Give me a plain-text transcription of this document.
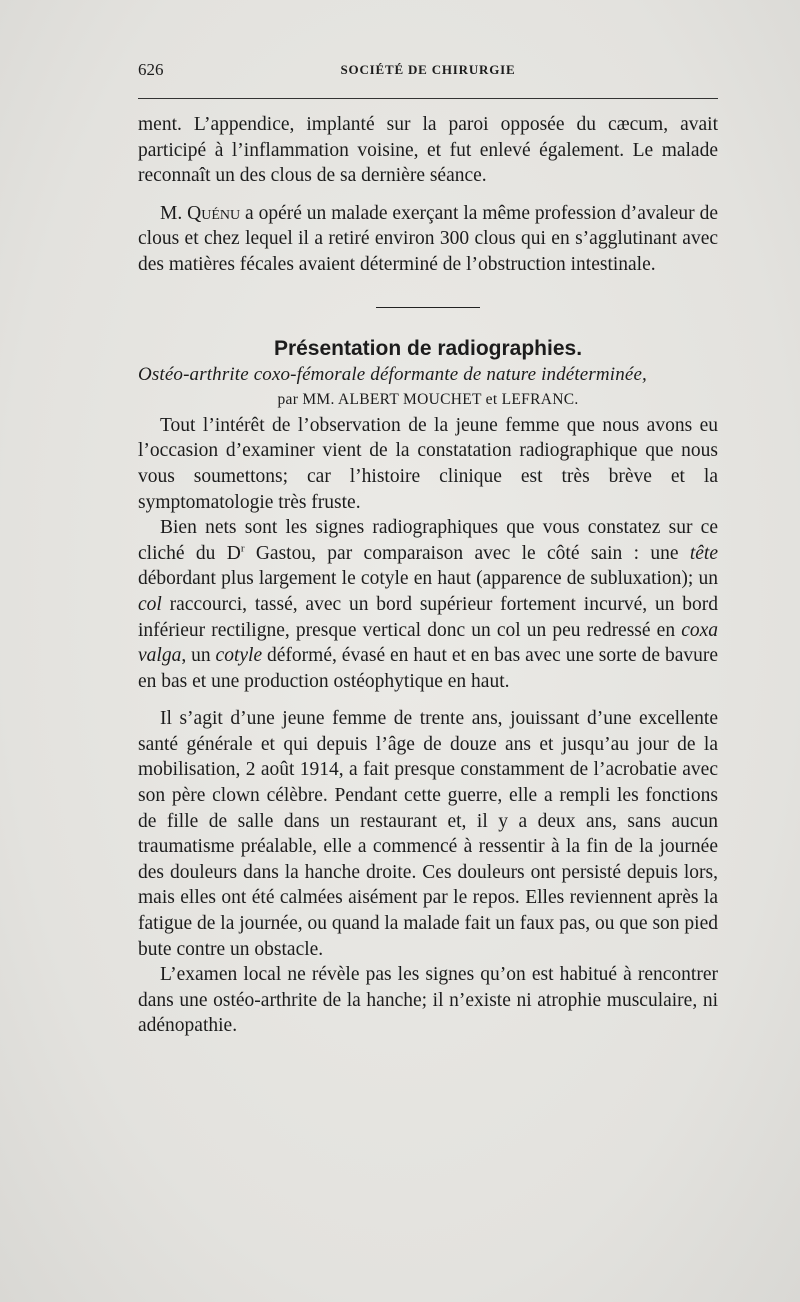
626	SOCIÉTÉ DE CHIRURGIE

ment. L’appendice, implanté sur la paroi opposée du cæcum, avait participé à l’inflammation voisine, et fut enlevé également. Le malade reconnaît un des clous de sa dernière séance.

M. Quénu a opéré un malade exerçant la même profession d’avaleur de clous et chez lequel il a retiré environ 300 clous qui en s’agglutinant avec des matières fécales avaient déterminé de l’obstruction intestinale.

Présentation de radiographies.

Ostéo-arthrite coxo-fémorale déformante de nature indéterminée,

par MM. ALBERT MOUCHET et LEFRANC.

Tout l’intérêt de l’observation de la jeune femme que nous avons eu l’occasion d’examiner vient de la constatation radiographique que nous vous soumettons; car l’histoire clinique est très brève et la symptomatologie très fruste.

Bien nets sont les signes radiographiques que vous constatez sur ce cliché du $D^r$ Gastou, par comparaison avec le côté sain : une tête débordant plus largement le cotyle en haut (apparence de subluxation); un col raccourci, tassé, avec un bord supérieur fortement incurvé, un bord inférieur rectiligne, presque vertical donc un col un peu redressé en coxa valga, un cotyle déformé, évasé en haut et en bas avec une sorte de bavure en bas et une production ostéophytique en haut.

Il s’agit d’une jeune femme de trente ans, jouissant d’une excellente santé générale et qui depuis l’âge de douze ans et jusqu’au jour de la mobilisation, 2 août 1914, a fait presque constamment de l’acrobatie avec son père clown célèbre. Pendant cette guerre, elle a rempli les fonctions de fille de salle dans un restaurant et, il y a deux ans, sans aucun traumatisme préalable, elle a commencé à ressentir à la fin de la journée des douleurs dans la hanche droite. Ces douleurs ont persisté depuis lors, mais elles ont été calmées aisément par le repos. Elles reviennent après la fatigue de la journée, ou quand la malade fait un faux pas, ou que son pied bute contre un obstacle.

L’examen local ne révèle pas les signes qu’on est habitué à rencontrer dans une ostéo-arthrite de la hanche; il n’existe ni atrophie musculaire, ni adénopathie.
